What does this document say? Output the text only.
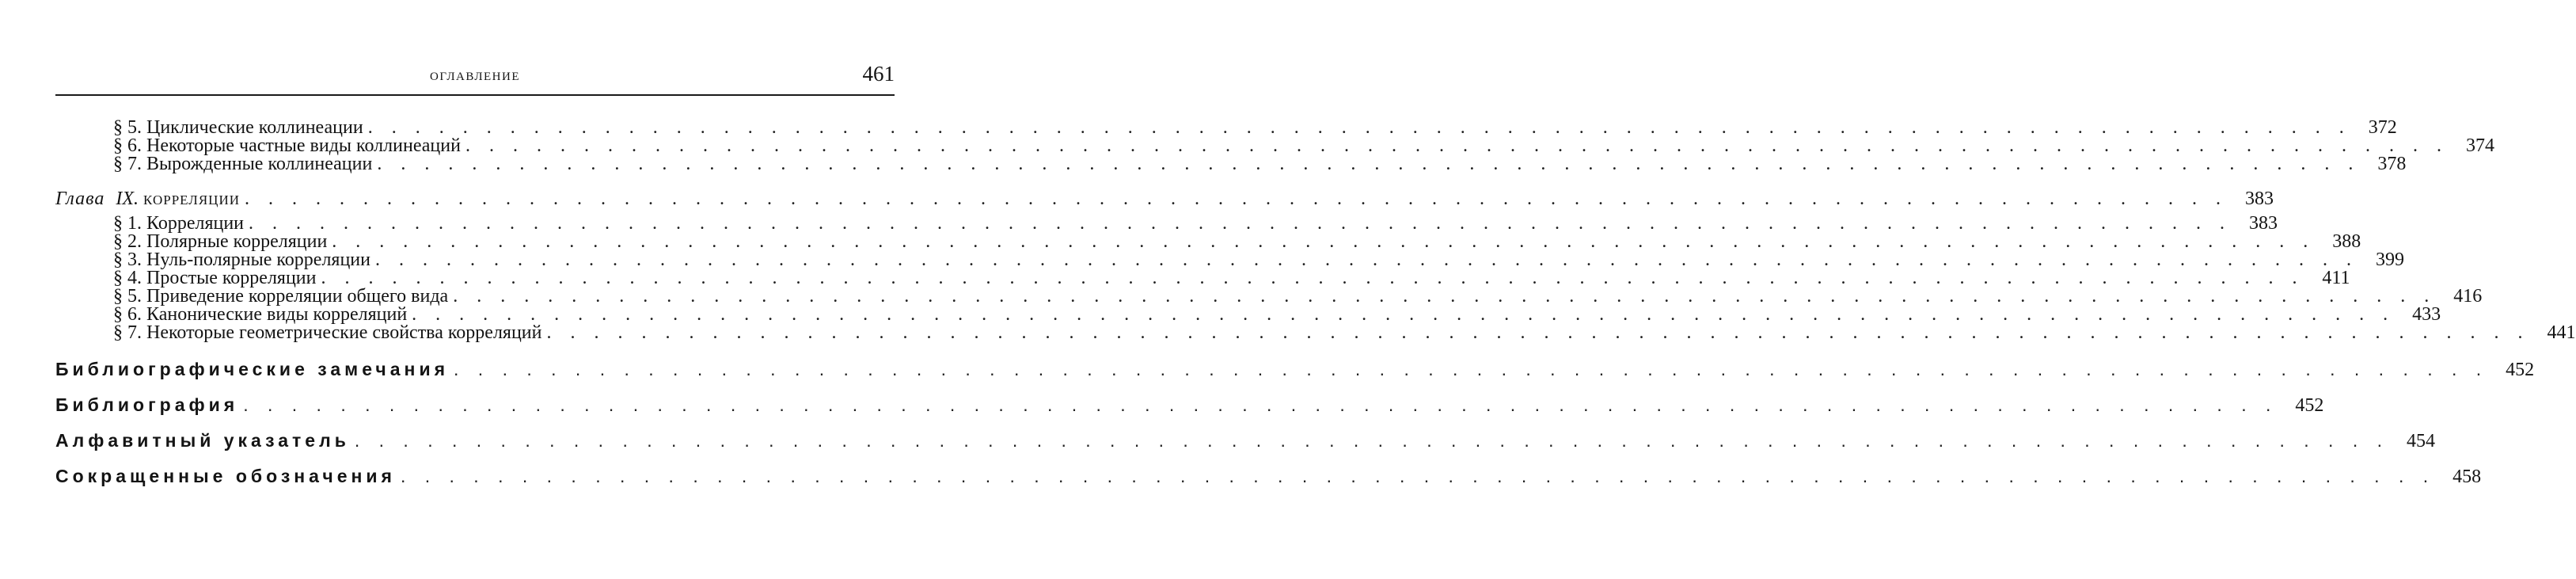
оглавление	461
§ 5. Циклические коллинеации . . . . . . . . . . . . . . . . . . . . . . . . . . . . . . . . . . . . . . . . . . . . . . . . . . . . . . . . . . . . . . . . . . . . . . . . . . . . . . . . . . . . 372
§ 6. Некоторые частные виды коллинеаций . . . . . . . . . . . . . . . . . . . . . . . . . . . . . . . . . . . . . . . . . . . . . . . . . . . . . . . . . . . . . . . . . . . . . . . . . . . . . . . . . . . . 374
§ 7. Вырожденные коллинеации . . . . . . . . . . . . . . . . . . . . . . . . . . . . . . . . . . . . . . . . . . . . . . . . . . . . . . . . . . . . . . . . . . . . . . . . . . . . . . . . . . . . 378
Глава IX. корреляции . . . . . . . . . . . . . . . . . . . . . . . . . . . . . . . . . . . . . . . . . . . . . . . . . . . . . . . . . . . . . . . . . . . . . . . . . . . . . . . . . . . . 383
§ 1. Корреляции . . . . . . . . . . . . . . . . . . . . . . . . . . . . . . . . . . . . . . . . . . . . . . . . . . . . . . . . . . . . . . . . . . . . . . . . . . . . . . . . . . . . 383
§ 2. Полярные корреляции . . . . . . . . . . . . . . . . . . . . . . . . . . . . . . . . . . . . . . . . . . . . . . . . . . . . . . . . . . . . . . . . . . . . . . . . . . . . . . . . . . . . 388
§ 3. Нуль-полярные корреляции . . . . . . . . . . . . . . . . . . . . . . . . . . . . . . . . . . . . . . . . . . . . . . . . . . . . . . . . . . . . . . . . . . . . . . . . . . . . . . . . . . . . 399
§ 4. Простые корреляции . . . . . . . . . . . . . . . . . . . . . . . . . . . . . . . . . . . . . . . . . . . . . . . . . . . . . . . . . . . . . . . . . . . . . . . . . . . . . . . . . . . . 411
§ 5. Приведение корреляции общего вида . . . . . . . . . . . . . . . . . . . . . . . . . . . . . . . . . . . . . . . . . . . . . . . . . . . . . . . . . . . . . . . . . . . . . . . . . . . . . . . . . . . . 416
§ 6. Канонические виды корреляций . . . . . . . . . . . . . . . . . . . . . . . . . . . . . . . . . . . . . . . . . . . . . . . . . . . . . . . . . . . . . . . . . . . . . . . . . . . . . . . . . . . . 433
§ 7. Некоторые геометрические свойства корреляций . . . . . . . . . . . . . . . . . . . . . . . . . . . . . . . . . . . . . . . . . . . . . . . . . . . . . . . . . . . . . . . . . . . . . . . . . . . . . . . . . . . . 441
Библиографические замечания . . . . . . . . . . . . . . . . . . . . . . . . . . . . . . . . . . . . . . . . . . . . . . . . . . . . . . . . . . . . . . . . . . . . . . . . . . . . . . . . . . . . 452
Библиография . . . . . . . . . . . . . . . . . . . . . . . . . . . . . . . . . . . . . . . . . . . . . . . . . . . . . . . . . . . . . . . . . . . . . . . . . . . . . . . . . . . . 452
Алфавитный указатель . . . . . . . . . . . . . . . . . . . . . . . . . . . . . . . . . . . . . . . . . . . . . . . . . . . . . . . . . . . . . . . . . . . . . . . . . . . . . . . . . . . . 454
Сокращенные обозначения . . . . . . . . . . . . . . . . . . . . . . . . . . . . . . . . . . . . . . . . . . . . . . . . . . . . . . . . . . . . . . . . . . . . . . . . . . . . . . . . . . . . 458
